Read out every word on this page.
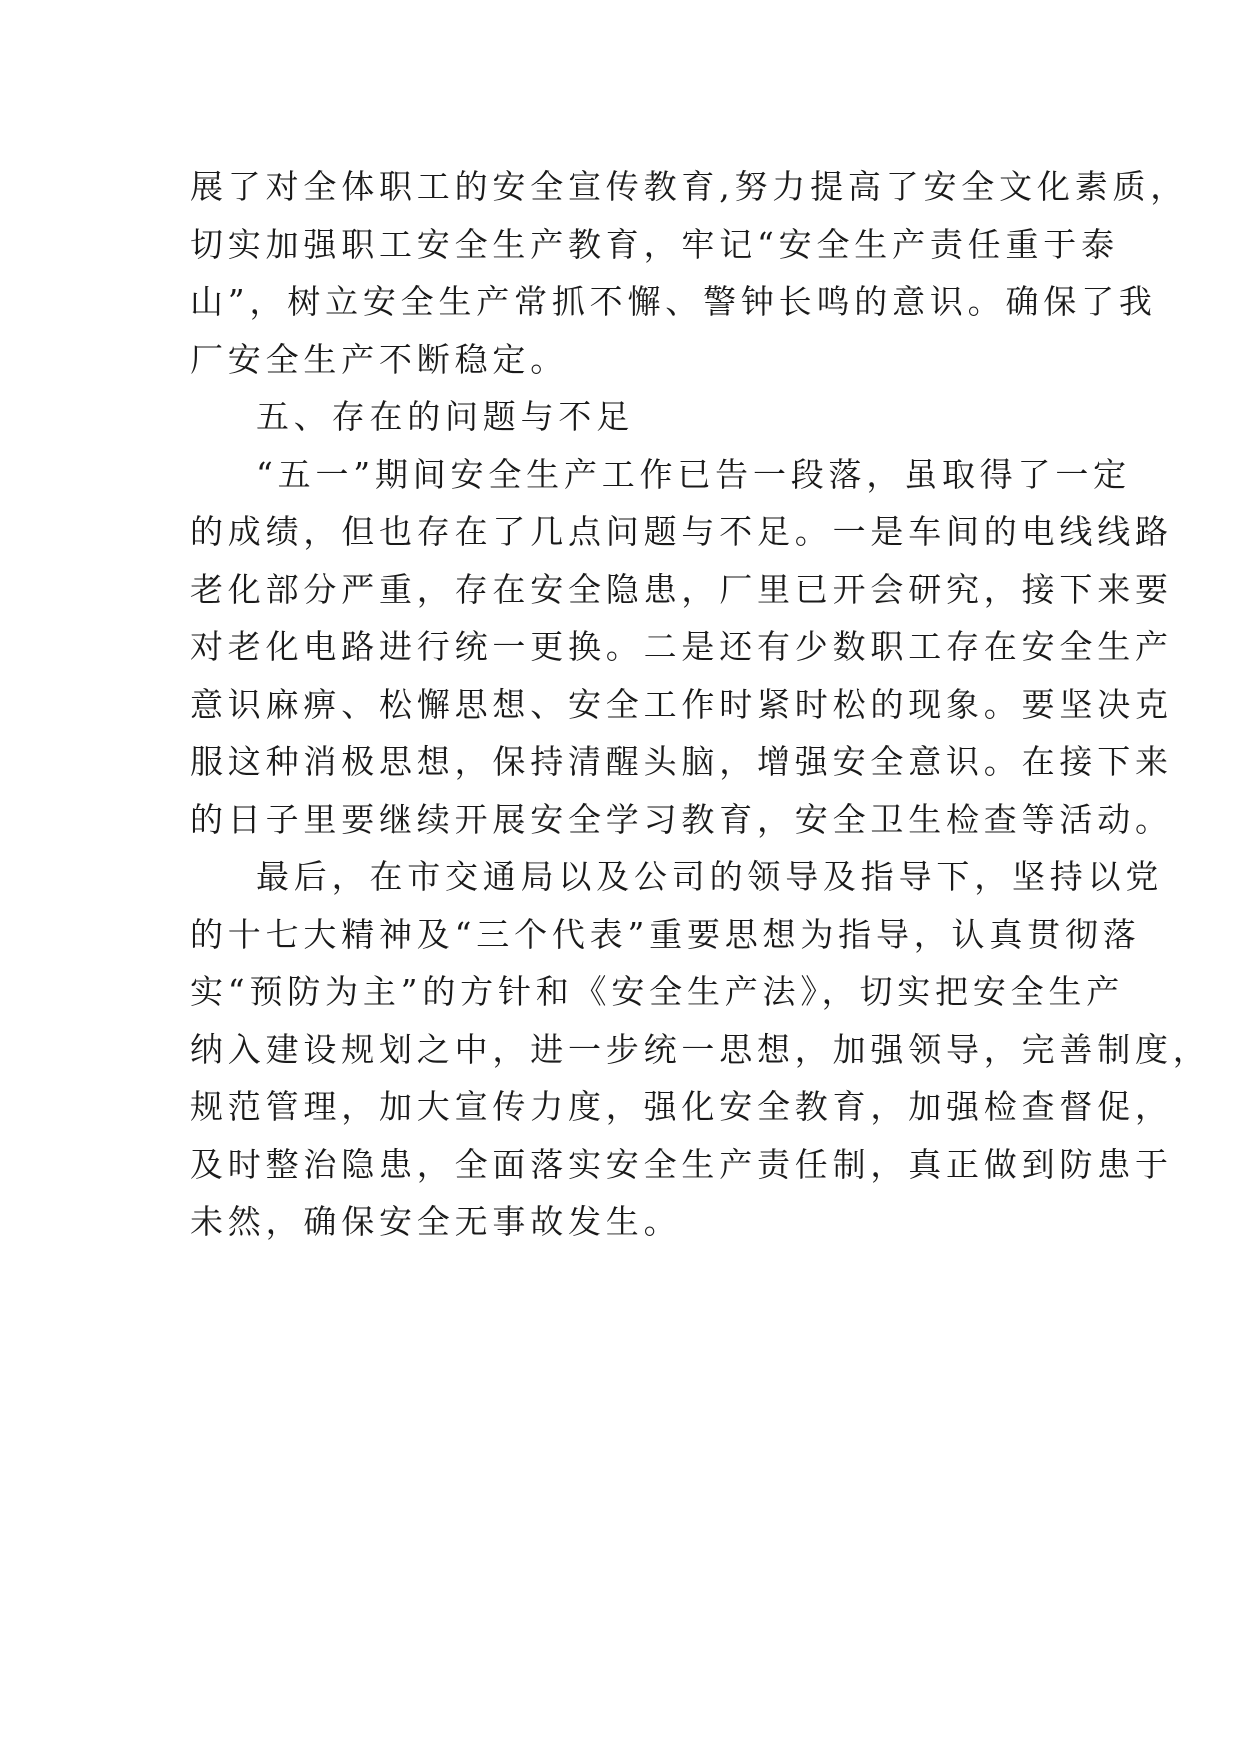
展了对全体职工的安全宣传教育,努力提高了安全文化素质，
切实加强职工安全生产教育，牢记“安全生产责任重于泰
山”，树立安全生产常抓不懈、警钟长鸣的意识。确保了我
厂安全生产不断稳定。
五、存在的问题与不足
“五一”期间安全生产工作已告一段落，虽取得了一定
的成绩，但也存在了几点问题与不足。一是车间的电线线路
老化部分严重，存在安全隐患，厂里已开会研究，接下来要
对老化电路进行统一更换。二是还有少数职工存在安全生产
意识麻痹、松懈思想、安全工作时紧时松的现象。要坚决克
服这种消极思想，保持清醒头脑，增强安全意识。在接下来
的日子里要继续开展安全学习教育，安全卫生检查等活动。
最后，在市交通局以及公司的领导及指导下，坚持以党
的十七大精神及“三个代表”重要思想为指导，认真贯彻落
实“预防为主”的方针和《安全生产法》，切实把安全生产
纳入建设规划之中，进一步统一思想，加强领导，完善制度，
规范管理，加大宣传力度，强化安全教育，加强检查督促，
及时整治隐患，全面落实安全生产责任制，真正做到防患于
未然，确保安全无事故发生。
